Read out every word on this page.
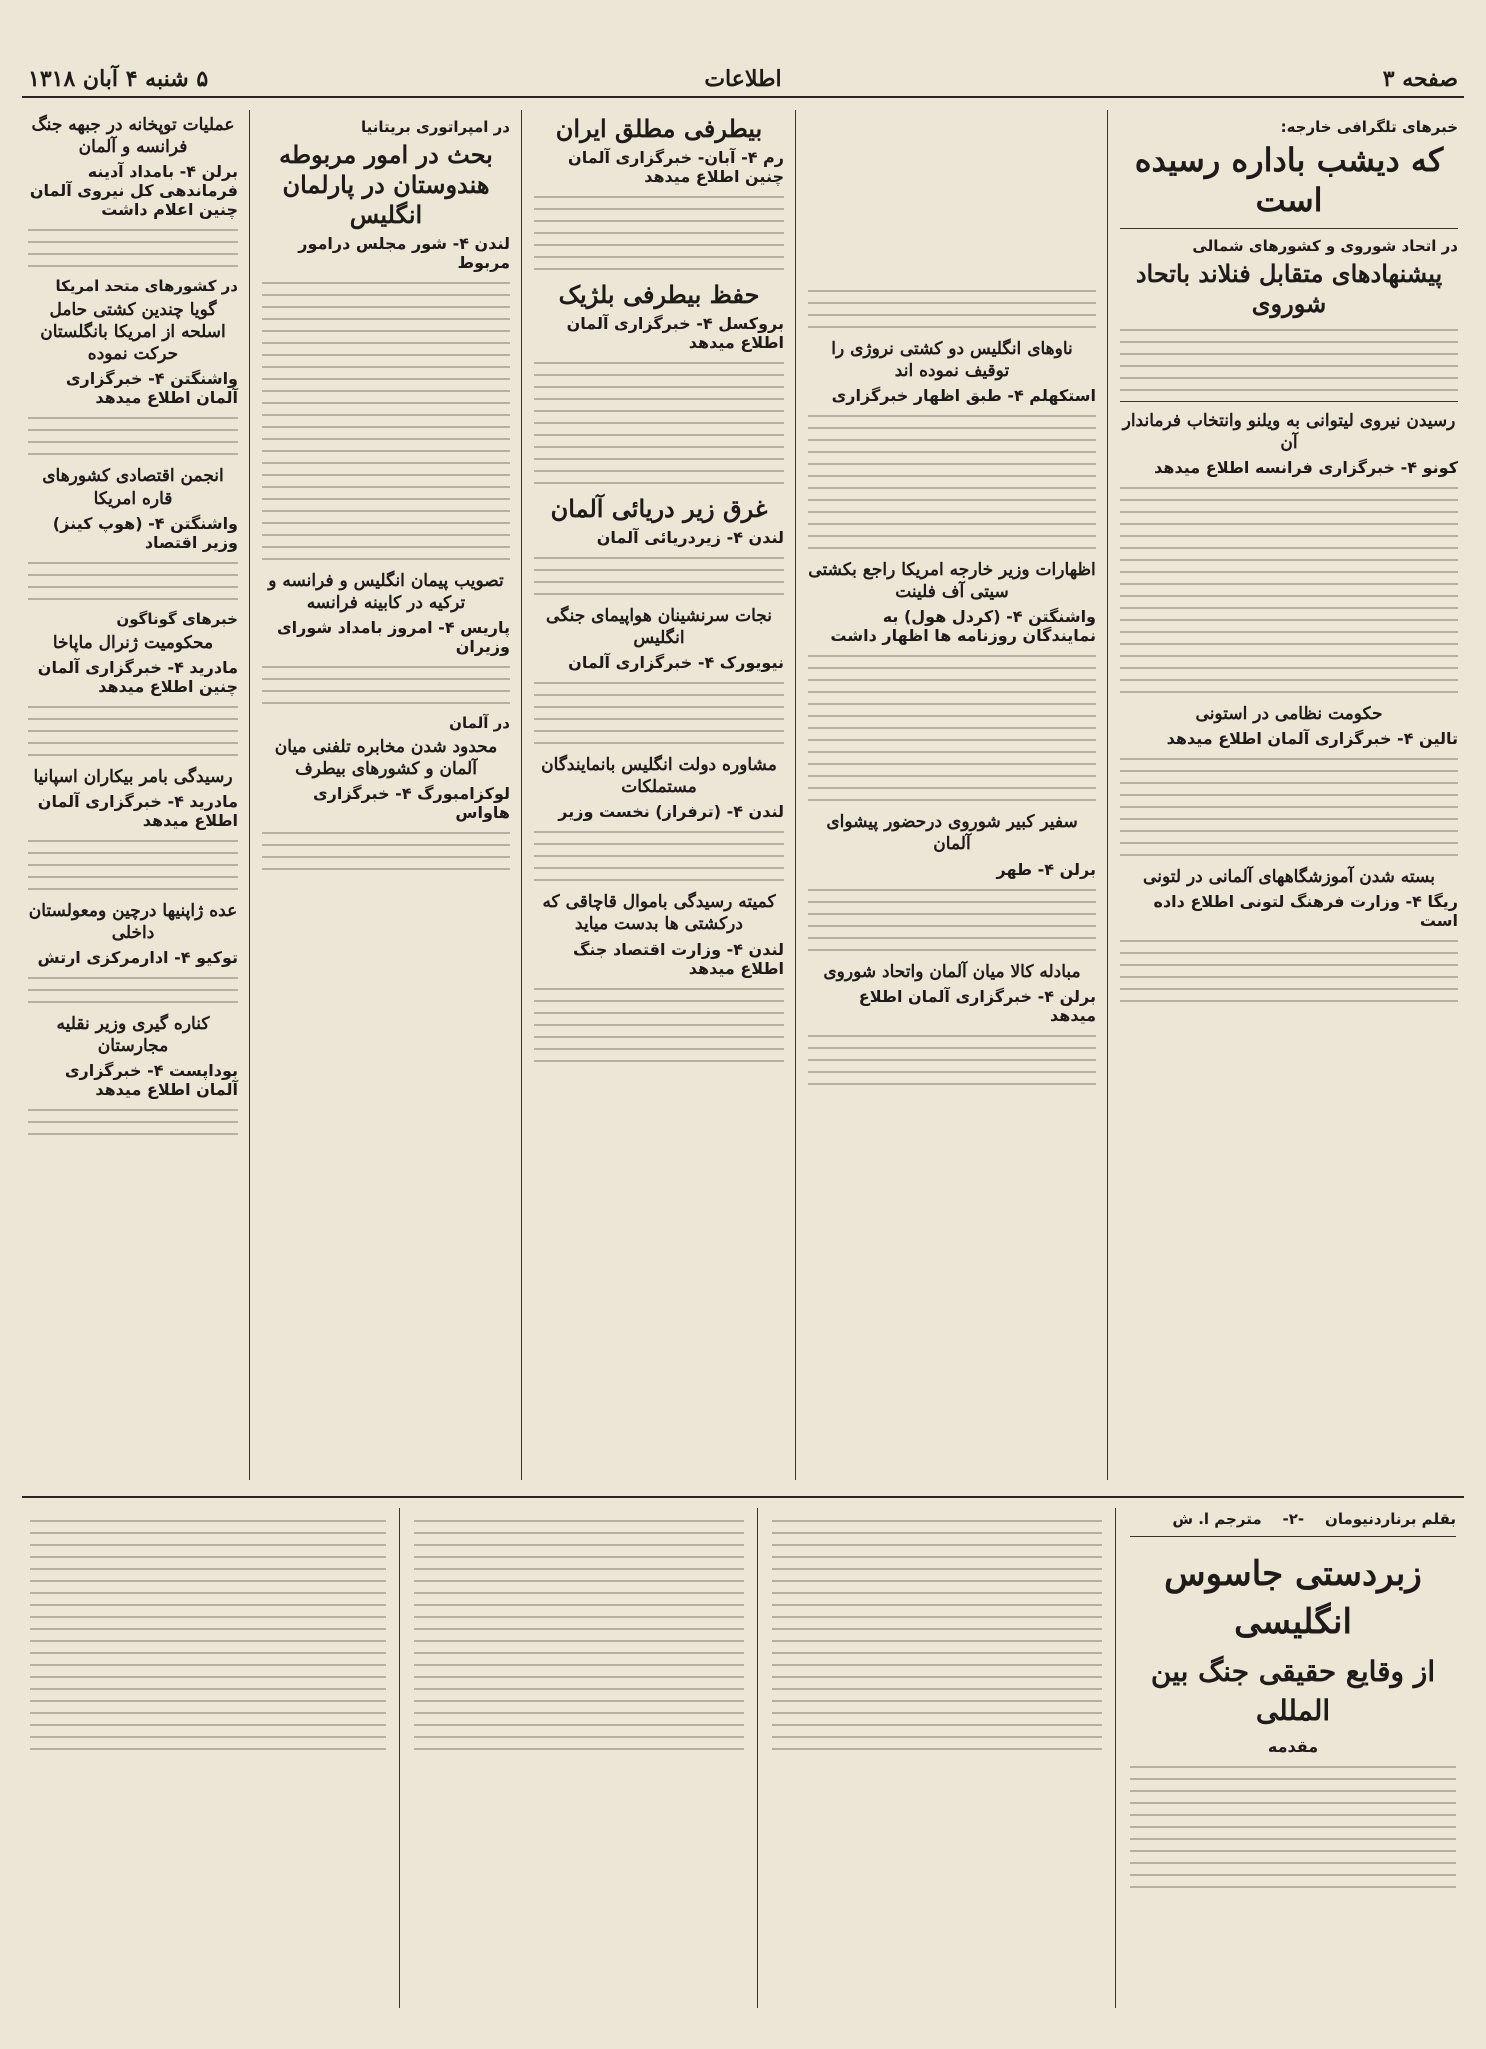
صفحه ۳
اطلاعات
۵ شنبه ۴ آبان ۱۳۱۸
خبرهای تلگرافی خارجه:
که دیشب باداره رسیده است
در اتحاد شوروی و کشورهای شمالی
پیشنهادهای متقابل فنلاند باتحاد شوروی
رسیدن نیروی لیتوانی به ویلنو وانتخاب فرماندار آن
کونو ۴- خبرگزاری فرانسه اطلاع میدهد
حکومت نظامی در استونی
تالین ۴- خبرگزاری آلمان اطلاع میدهد
بسته شدن آموزشگاههای آلمانی در لتونی
ریگا ۴- وزارت فرهنگ لتونی اطلاع داده است
ناوهای انگلیس دو کشتی نروژی را توقیف نموده اند
استکهلم ۴- طبق اظهار خبرگزاری
اظهارات وزیر خارجه امریکا راجع بکشتی سیتی آف فلینت
واشنگتن ۴- (کردل هول) به نمایندگان روزنامه ها اظهار داشت
سفیر کبیر شوروی درحضور پیشوای آلمان
برلن ۴- طهر
مبادله کالا میان آلمان واتحاد شوروی
برلن ۴- خبرگزاری آلمان اطلاع میدهد
بیطرفی مطلق ایران
رم ۴- آبان- خبرگزاری آلمان چنین اطلاع میدهد
حفظ بیطرفی بلژیک
بروکسل ۴- خبرگزاری آلمان اطلاع میدهد
غرق زیر دریائی آلمان
لندن ۴- زیردریائی آلمان
نجات سرنشینان هواپیمای جنگی انگلیس
نیویورک ۴- خبرگزاری آلمان
مشاوره دولت انگلیس بانمایندگان مستملکات
لندن ۴- (ترفراز) نخست وزیر
کمیته رسیدگی باموال قاچاقی که درکشتی ها بدست میاید
لندن ۴- وزارت اقتصاد جنگ اطلاع میدهد
در امپراتوری بریتانیا
بحث در امور مربوطه هندوستان در پارلمان انگلیس
لندن ۴- شور مجلس درامور مربوط
تصویب پیمان انگلیس و فرانسه و ترکیه در کابینه فرانسه
پاریس ۴- امروز بامداد شورای وزیران
در آلمان
محدود شدن مخابره تلفنی میان آلمان و کشورهای بیطرف
لوکزامبورگ ۴- خبرگزاری هاواس
عملیات توپخانه در جبهه جنگ فرانسه و آلمان
برلن ۴- بامداد آدینه فرماندهی کل نیروی آلمان چنین اعلام داشت
در کشورهای متحد امریکا
گویا چندین کشتی حامل اسلحه از امریکا بانگلستان حرکت نموده
واشنگتن ۴- خبرگزاری آلمان اطلاع میدهد
انجمن اقتصادی کشورهای قاره امریکا
واشنگتن ۴- (هوپ کینز) وزیر اقتصاد
خبرهای گوناگون
محکومیت ژنرال ماپاخا
مادرید ۴- خبرگزاری آلمان چنین اطلاع میدهد
رسیدگی بامر بیکاران اسپانیا
مادرید ۴- خبرگزاری آلمان اطلاع میدهد
عده ژاپنیها درچین ومعولستان داخلی
توکیو ۴- ادارمرکزی ارتش
کناره گیری وزیر نقلیه مجارستان
بوداپست ۴- خبرگزاری آلمان اطلاع میدهد
بقلم برناردنیومان    -۲-    مترجم ا. ش
زبردستی جاسوس انگلیسی
از وقایع حقیقی جنگ بین المللی
مقدمه
